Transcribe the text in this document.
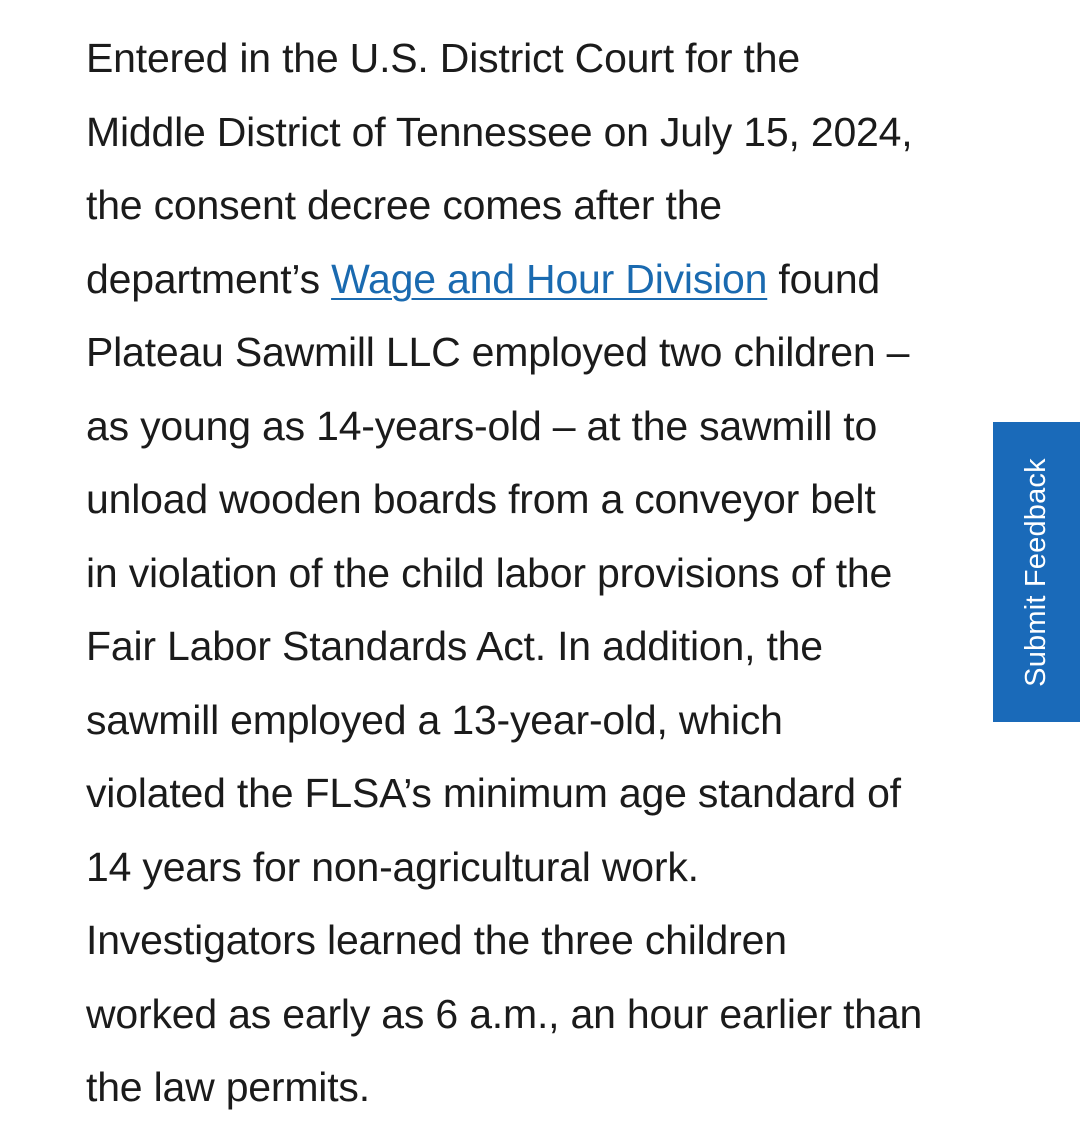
Entered in the U.S. District Court for the
Middle District of Tennessee on July 15, 2024,
the consent decree comes after the
department’s Wage and Hour Division found
Plateau Sawmill LLC employed two children –
as young as 14-years-old – at the sawmill to
unload wooden boards from a conveyor belt
in violation of the child labor provisions of the
Fair Labor Standards Act. In addition, the
sawmill employed a 13-year-old, which
violated the FLSA’s minimum age standard of
14 years for non-agricultural work.
Investigators learned the three children
worked as early as 6 a.m., an hour earlier than
the law permits.
Submit Feedback
